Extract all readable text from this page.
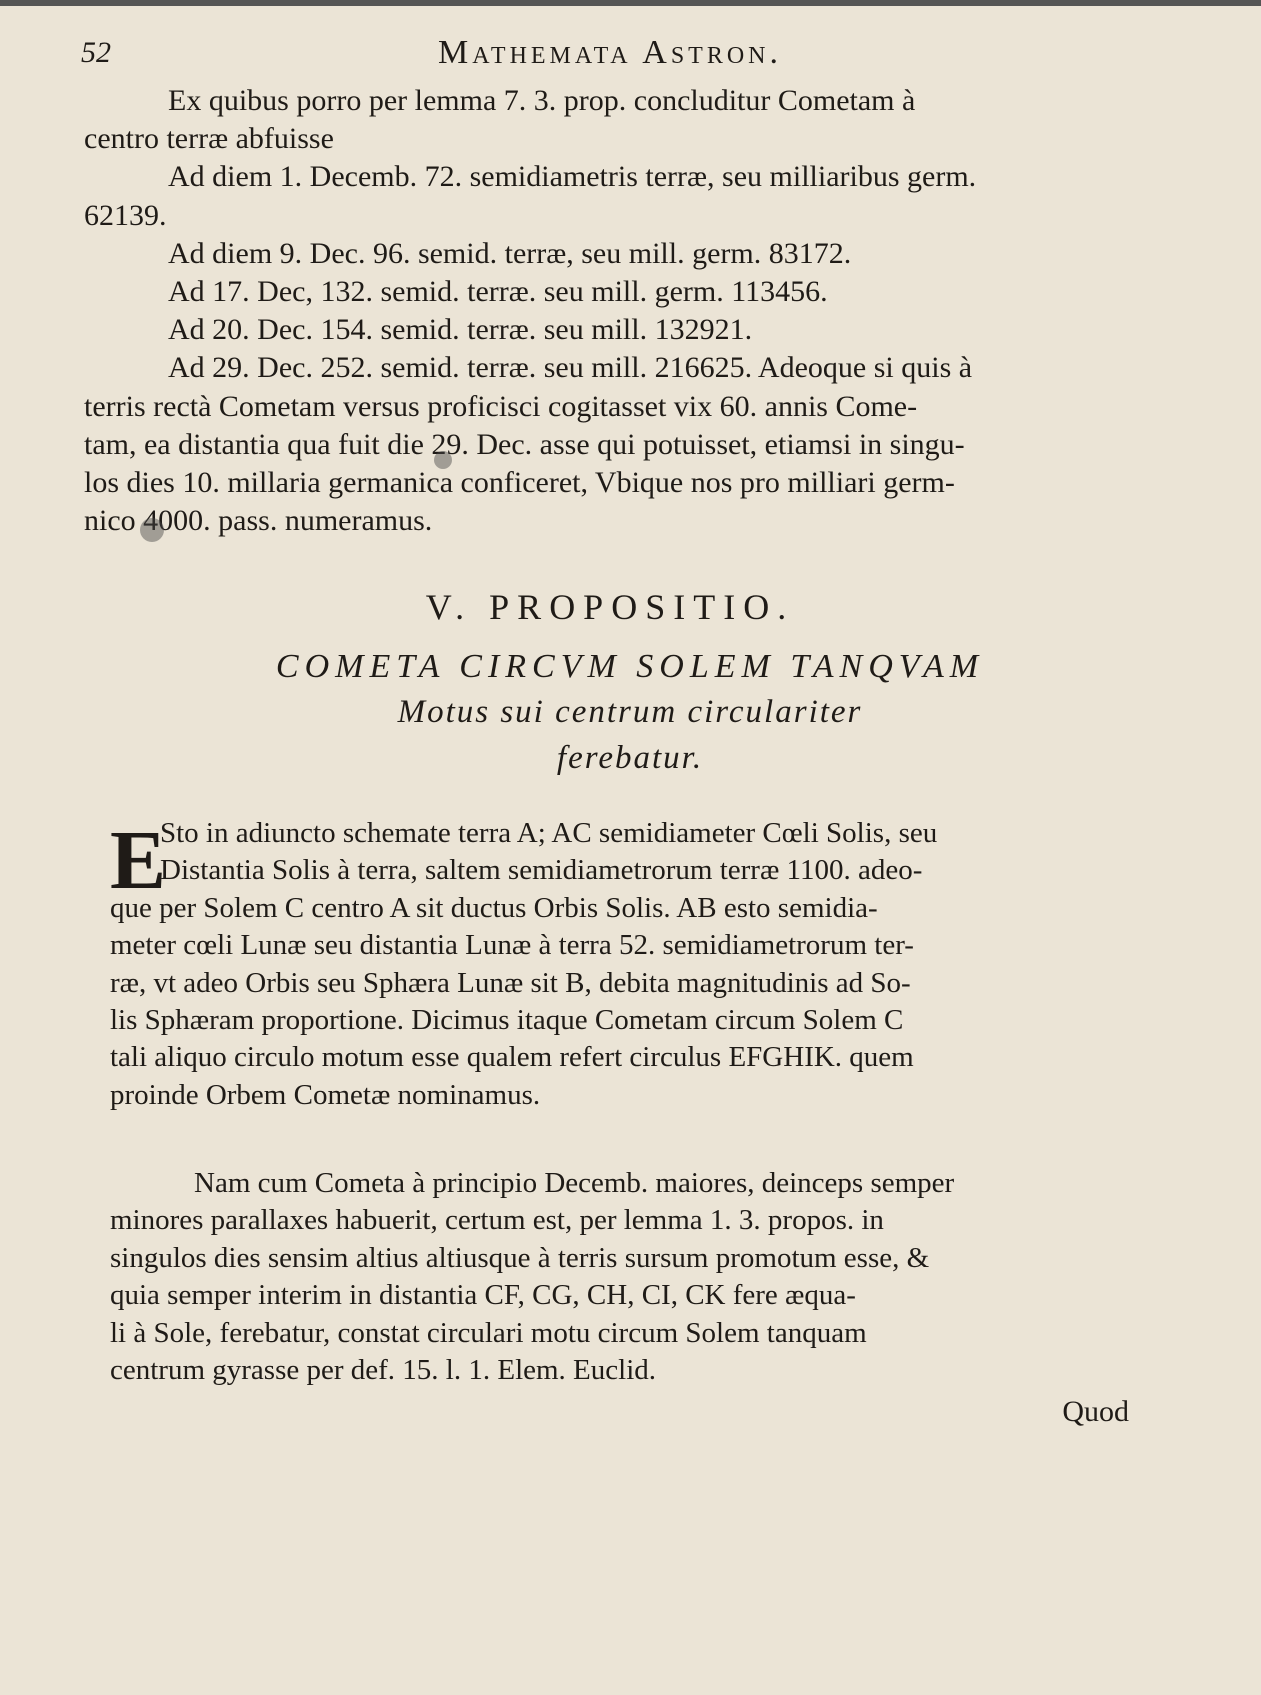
52	Mathemata Astron.
Ex quibus porro per lemma 7. 3. prop. concluditur Cometam à
centro terræ abfuisse
Ad diem 1. Decemb. 72. semidiametris terræ, seu milliaribus germ.
62139.
Ad diem 9. Dec. 96. semid. terræ, seu mill. germ. 83172.
Ad 17. Dec, 132. semid. terræ. seu mill. germ. 113456.
Ad 20. Dec. 154. semid. terræ. seu mill. 132921.
Ad 29. Dec. 252. semid. terræ. seu mill. 216625. Adeoque si quis à
terris rectà Cometam versus proficisci cogitasset vix 60. annis Come-
tam, ea distantia qua fuit die 29. Dec. asse qui potuisset, etiamsi in singu-
los dies 10. millaria germanica conficeret, Vbique nos pro milliari germ-
nico 4000. pass. numeramus.
V. PROPOSITIO.
COMETA CIRCVM SOLEM TANQVAM
Motus sui centrum circulariter
ferebatur.
E
Sto in adiuncto schemate terra A; AC semidiameter Cœli Solis, seu
Distantia Solis à terra, saltem semidiametrorum terræ 1100. adeo-
que per Solem C centro A sit ductus Orbis Solis. AB esto semidia-
meter cœli Lunæ seu distantia Lunæ à terra 52. semidiametrorum ter-
ræ, vt adeo Orbis seu Sphæra Lunæ sit B, debita magnitudinis ad So-
lis Sphæram proportione. Dicimus itaque Cometam circum Solem C
tali aliquo circulo motum esse qualem refert circulus EFGHIK. quem
proinde Orbem Cometæ nominamus.
Nam cum Cometa à principio Decemb. maiores, deinceps semper
minores parallaxes habuerit, certum est, per lemma 1. 3. propos. in
singulos dies sensim altius altiusque à terris sursum promotum esse, &
quia semper interim in distantia CF, CG, CH, CI, CK fere æqua-
li à Sole, ferebatur, constat circulari motu circum Solem tanquam
centrum gyrasse per def. 15. l. 1. Elem. Euclid.
Quod
